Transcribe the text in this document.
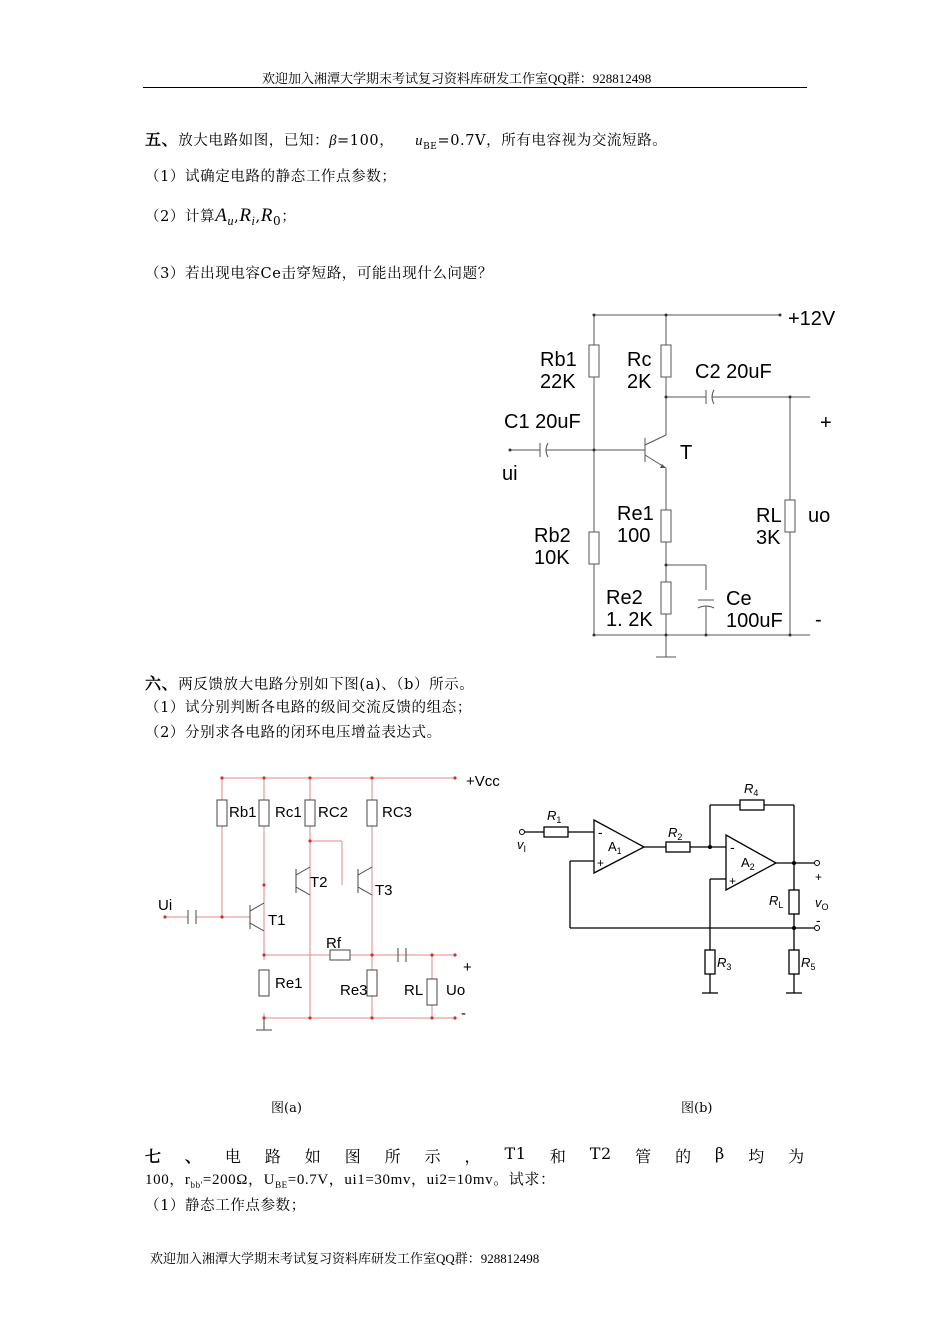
欢迎加入湘潭大学期末考试复习资料库研发工作室QQ群：928812498
五、放大电路如图，已知：β=100， $u_{BE}=0.7V$，所有电容视为交流短路。
（1）试确定电路的静态工作点参数；
（2）计算$A_u,R_i,R_0$；
（3）若出现电容Ce击穿短路，可能出现什么问题？
+12V
Rb1
22K
Rc
2K C2 20uF
C1 20uF
ui
T
+
Rb2
10K
Re1
100
RL
3K
uo
Re2
1. 2K
Ce
100uF -
六、两反馈放大电路分别如下图(a)、（b）所示。
（1）试分别判断各电路的级间交流反馈的组态；
（2）分别求各电路的闭环电压增益表达式。
+Vcc
Rb1 Rc1 RC2 RC3
T2	T3
Ui
T1
Rf
+
Re1 Re3 RL Uo
-
$R_1$
$R_2$
$R_4$
$v_I$	$A_1$
$A_2$
-
+
-
+	+
-
$v_O$
$R_L$
$R_3$	$R_5$
图(a)	图(b)
七 、 电 路 如 图 所 示 ， T1 和 T2 管 的 β 均 为
100，$r_{bb'}=200\Omega$，$U_{BE}=0.7V$，ui1=30mv，ui2=10mv。试求：
（1）静态工作点参数；
欢迎加入湘潭大学期末考试复习资料库研发工作室QQ群：928812498
